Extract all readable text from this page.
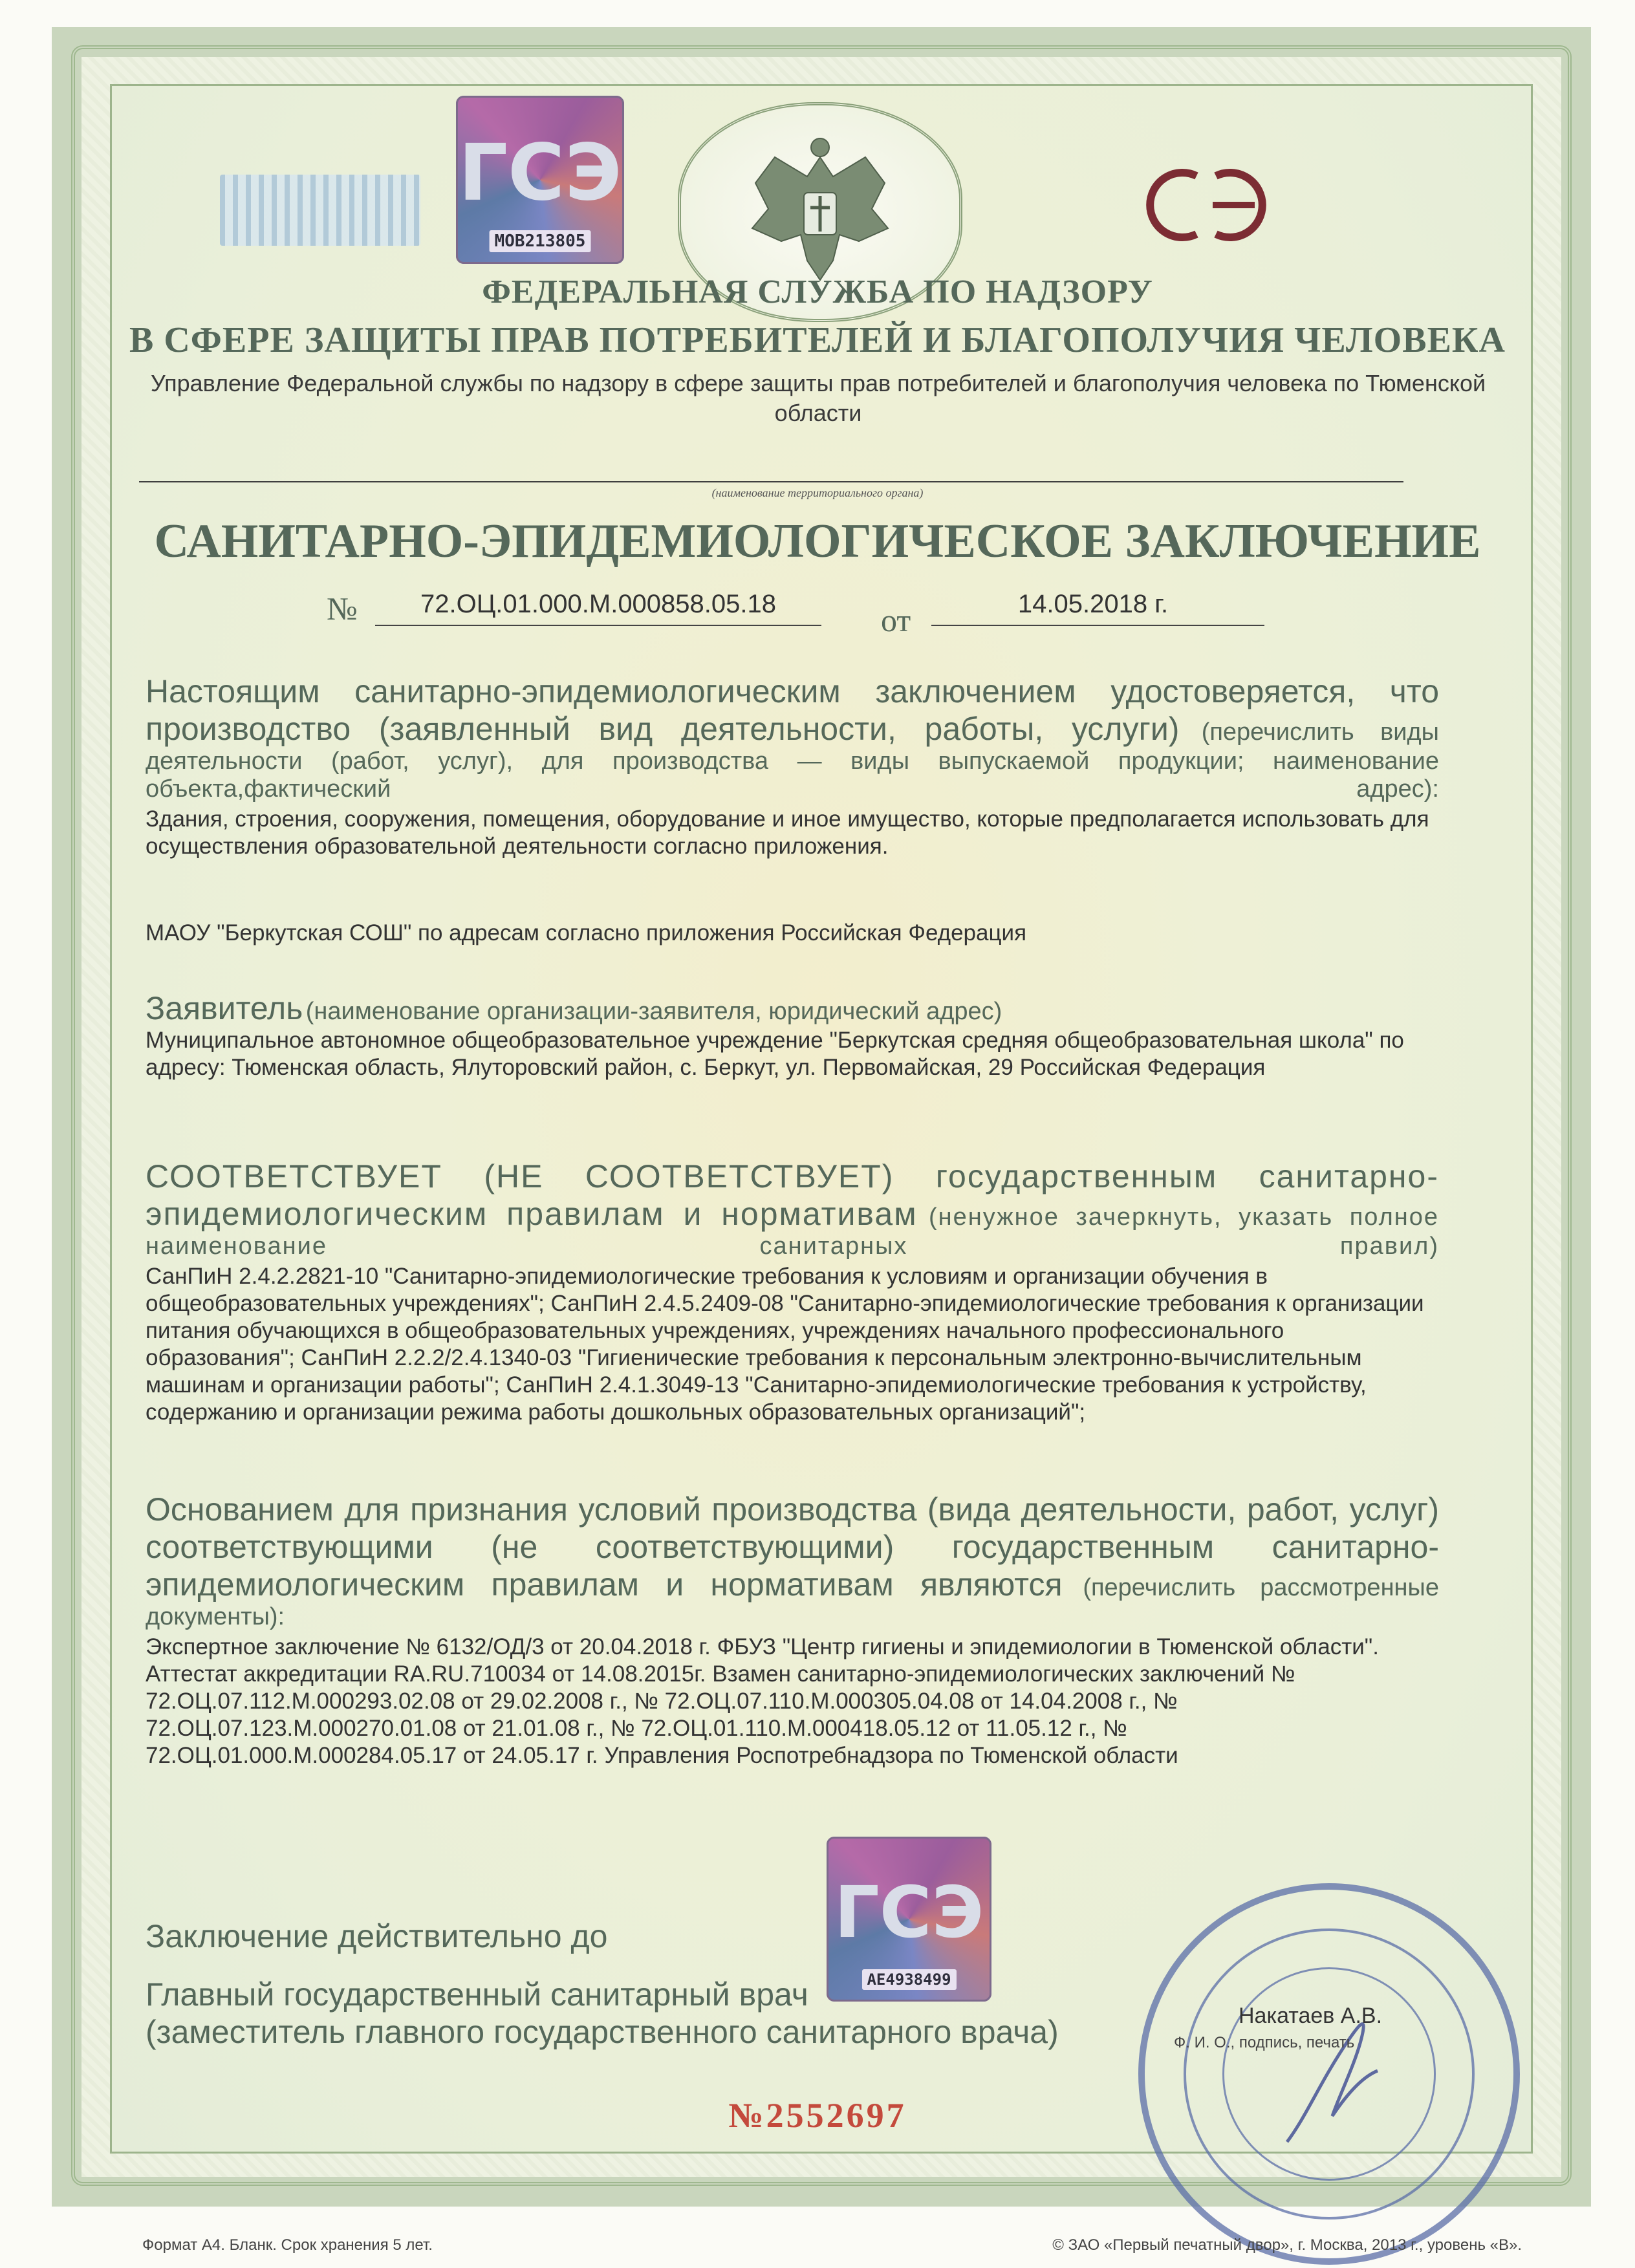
ГСЭ
MOB213805
ФЕДЕРАЛЬНАЯ СЛУЖБА ПО НАДЗОРУ
В СФЕРЕ ЗАЩИТЫ ПРАВ ПОТРЕБИТЕЛЕЙ И БЛАГОПОЛУЧИЯ ЧЕЛОВЕКА
Управление Федеральной службы по надзору в сфере защиты прав потребителей и благополучия человека по Тюменской области
(наименование территориального органа)
САНИТАРНО-ЭПИДЕМИОЛОГИЧЕСКОЕ ЗАКЛЮЧЕНИЕ
№	72.ОЦ.01.000.М.000858.05.18	от	14.05.2018 г.
Настоящим санитарно-эпидемиологическим заключением удостоверяется, что производство (заявленный вид деятельности, работы, услуги) (перечислить виды деятельности (работ, услуг), для производства — виды выпускаемой продукции; наименование объекта,фактический адрес):
Здания, строения, сооружения, помещения, оборудование и иное имущество, которые предполагается использовать для осуществления образовательной деятельности согласно приложения.
МАОУ "Беркутская СОШ" по адресам согласно приложения Российская Федерация
Заявитель (наименование организации-заявителя, юридический адрес)
Муниципальное автономное общеобразовательное учреждение "Беркутская средняя общеобразовательная школа" по адресу: Тюменская область, Ялуторовский район, с. Беркут, ул. Первомайская, 29 Российская Федерация
СООТВЕТСТВУЕТ (НЕ СООТВЕТСТВУЕТ) государственным санитарно-эпидемиологическим правилам и нормативам (ненужное зачеркнуть, указать полное наименование санитарных правил)
СанПиН 2.4.2.2821-10 "Санитарно-эпидемиологические требования к условиям и организации обучения в общеобразовательных учреждениях"; СанПиН 2.4.5.2409-08 "Санитарно-эпидемиологические требования к организации питания обучающихся в общеобразовательных учреждениях, учреждениях начального профессионального образования"; СанПиН 2.2.2/2.4.1340-03 "Гигиенические требования к персональным электронно-вычислительным машинам и организации работы"; СанПиН 2.4.1.3049-13 "Санитарно-эпидемиологические требования к устройству, содержанию и организации режима работы дошкольных образовательных организаций";
Основанием для признания условий производства (вида деятельности, работ, услуг) соответствующими (не соответствующими) государственным санитарно-эпидемиологическим правилам и нормативам являются (перечислить рассмотренные документы):
Экспертное заключение № 6132/ОД/3 от 20.04.2018 г. ФБУЗ "Центр гигиены и эпидемиологии в Тюменской области". Аттестат аккредитации RA.RU.710034 от 14.08.2015г. Взамен санитарно-эпидемиологических заключений № 72.ОЦ.07.112.М.000293.02.08 от 29.02.2008 г., № 72.ОЦ.07.110.М.000305.04.08 от 14.04.2008 г., № 72.ОЦ.07.123.М.000270.01.08 от 21.01.08 г., № 72.ОЦ.01.110.М.000418.05.12 от 11.05.12 г., № 72.ОЦ.01.000.М.000284.05.17 от 24.05.17 г. Управления Роспотребнадзора по Тюменской области
ГСЭ
AE4938499
Заключение действительно до
Главный государственный санитарный врач
(заместитель главного государственного санитарного врача)	Накатаев А.В.
Ф. И. О., подпись, печать
№2552697
Формат А4. Бланк. Срок хранения 5 лет.	© ЗАО «Первый печатный двор», г. Москва, 2013 г., уровень «В».
